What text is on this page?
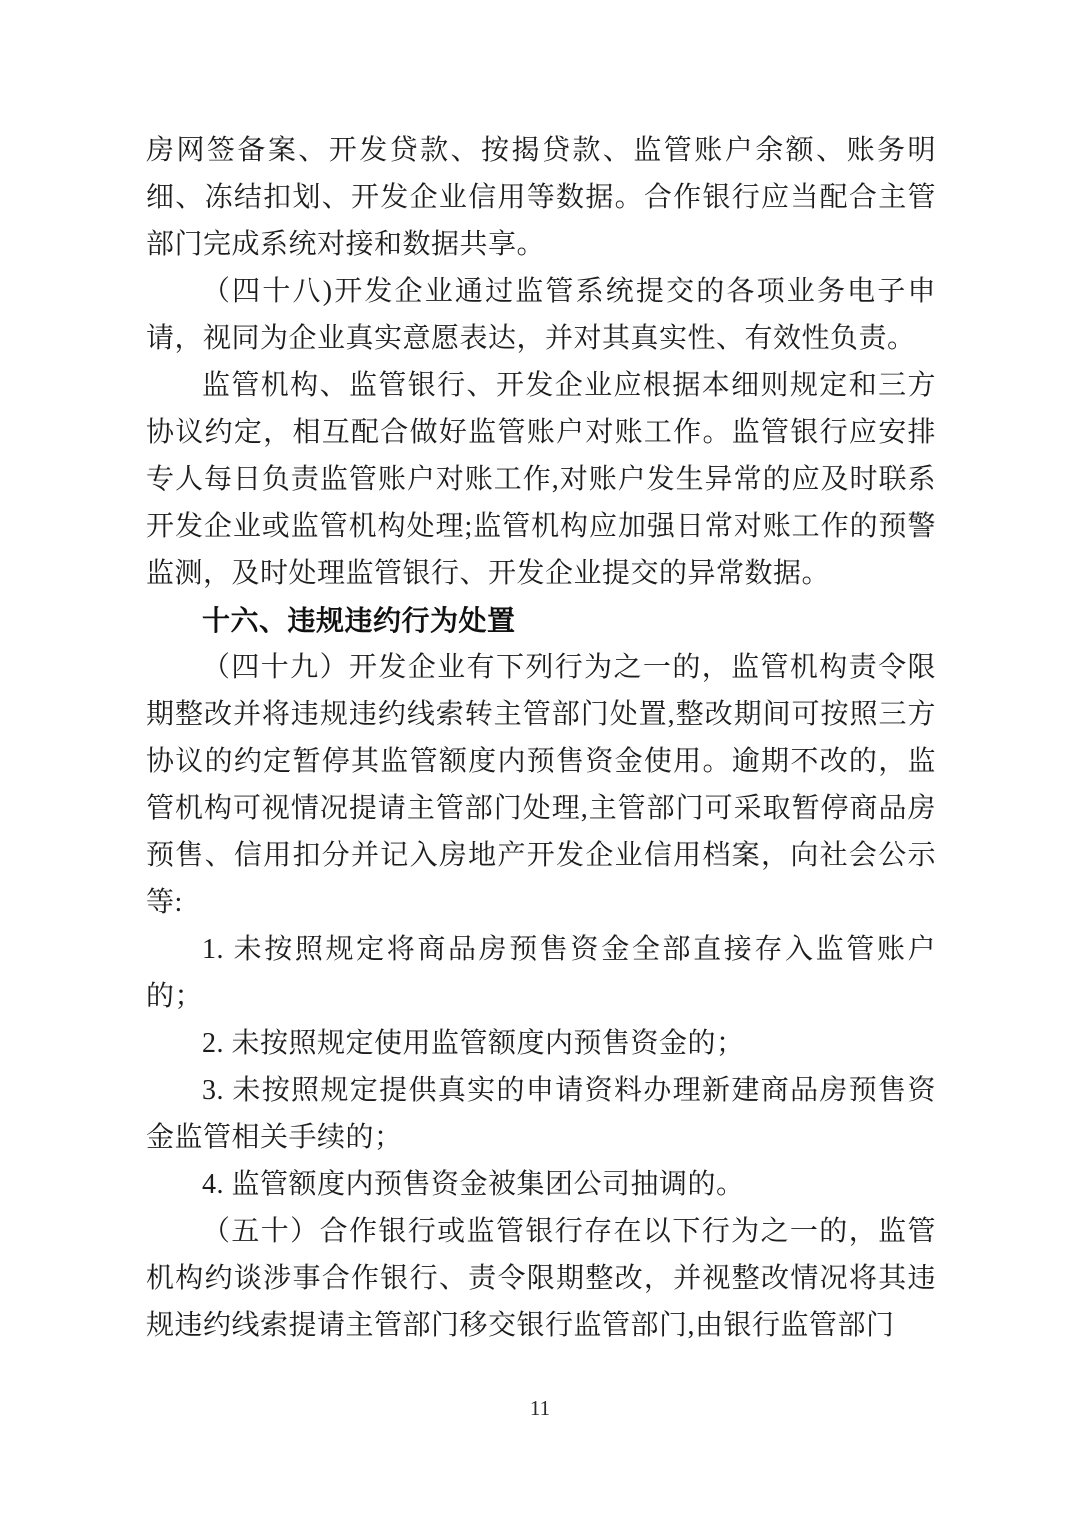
房网签备案、开发贷款、按揭贷款、监管账户余额、账务明细、冻结扣划、开发企业信用等数据。合作银行应当配合主管部门完成系统对接和数据共享。

（四十八)开发企业通过监管系统提交的各项业务电子申请，视同为企业真实意愿表达，并对其真实性、有效性负责。

监管机构、监管银行、开发企业应根据本细则规定和三方协议约定，相互配合做好监管账户对账工作。监管银行应安排专人每日负责监管账户对账工作,对账户发生异常的应及时联系开发企业或监管机构处理;监管机构应加强日常对账工作的预警监测，及时处理监管银行、开发企业提交的异常数据。

十六、违规违约行为处置

（四十九）开发企业有下列行为之一的，监管机构责令限期整改并将违规违约线索转主管部门处置,整改期间可按照三方协议的约定暂停其监管额度内预售资金使用。逾期不改的，监管机构可视情况提请主管部门处理,主管部门可采取暂停商品房预售、信用扣分并记入房地产开发企业信用档案，向社会公示等:

1. 未按照规定将商品房预售资金全部直接存入监管账户的；

2. 未按照规定使用监管额度内预售资金的；

3. 未按照规定提供真实的申请资料办理新建商品房预售资金监管相关手续的；

4. 监管额度内预售资金被集团公司抽调的。

（五十）合作银行或监管银行存在以下行为之一的，监管机构约谈涉事合作银行、责令限期整改，并视整改情况将其违规违约线索提请主管部门移交银行监管部门,由银行监管部门

11
